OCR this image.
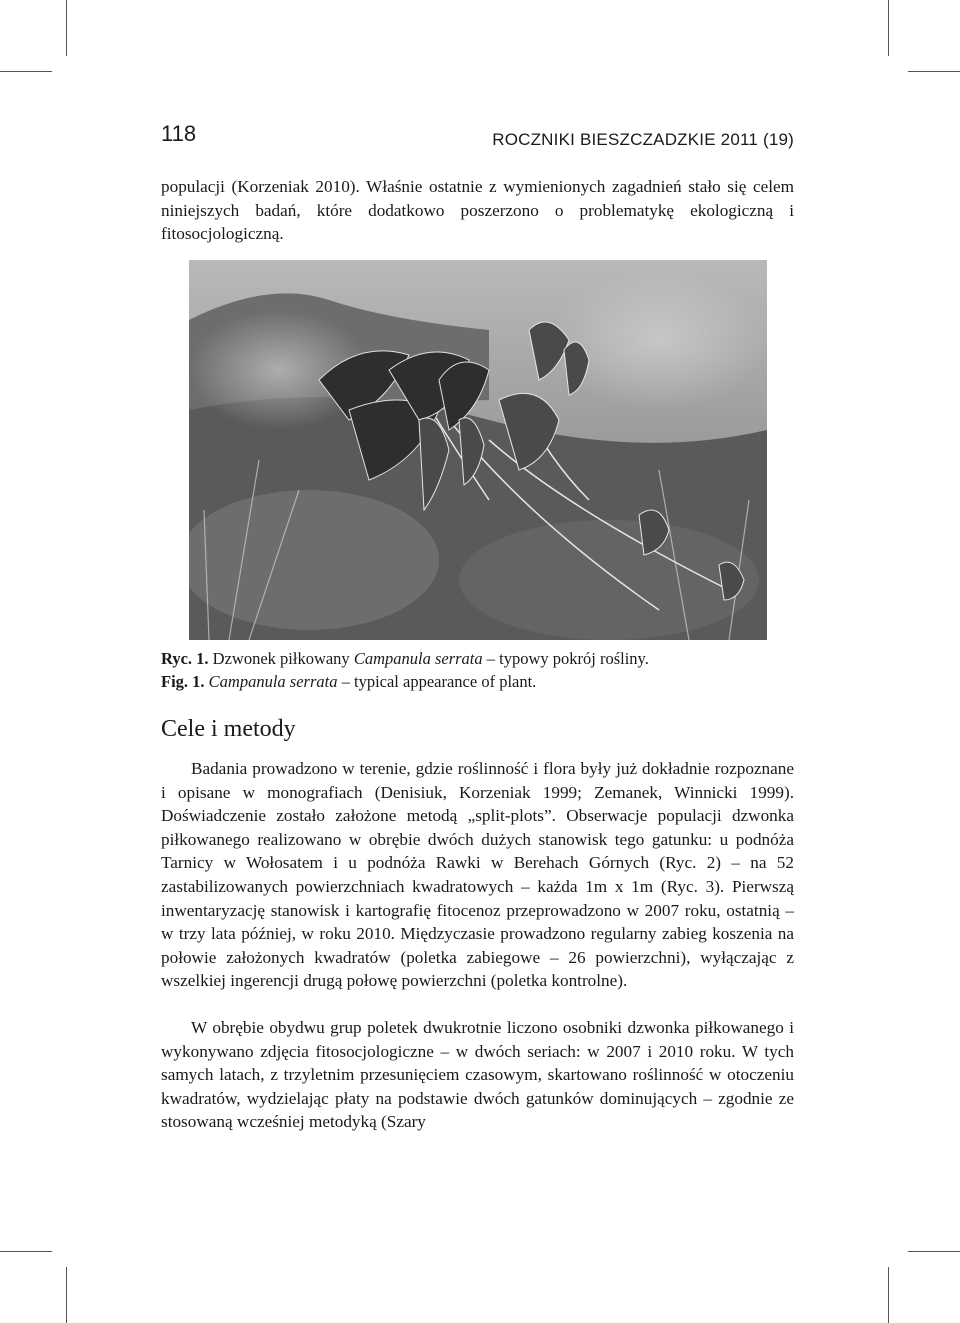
118	ROCZNIKI BIESZCZADZKIE 2011 (19)

populacji (Korzeniak 2010). Właśnie ostatnie z wymienionych zagadnień stało się celem niniejszych badań, które dodatkowo poszerzono o problematykę ekologiczną i fitosocjologiczną.

Ryc. 1. Dzwonek piłkowany Campanula serrata – typowy pokrój rośliny.
Fig. 1. Campanula serrata – typical appearance of plant.
Cele i metody

Badania prowadzono w terenie, gdzie roślinność i flora były już dokładnie rozpoznane i opisane w monografiach (Denisiuk, Korzeniak 1999; Zemanek, Winnicki 1999). Doświadczenie zostało założone metodą „split-plots”. Obserwacje populacji dzwonka piłkowanego realizowano w obrębie dwóch dużych stanowisk tego gatunku: u podnóża Tarnicy w Wołosatem i u podnóża Rawki w Berehach Górnych (Ryc. 2) – na 52 zastabilizowanych powierzchniach kwadratowych – każda 1m x 1m (Ryc. 3). Pierwszą inwentaryzację stanowisk i kartografię fitocenoz przeprowadzono w 2007 roku, ostatnią – w trzy lata później, w roku 2010. Międzyczasie prowadzono regularny zabieg koszenia na połowie założonych kwadratów (poletka zabiegowe – 26 powierzchni), wyłączając z wszelkiej ingerencji drugą połowę powierzchni (poletka kontrolne).

W obrębie obydwu grup poletek dwukrotnie liczono osobniki dzwonka piłkowanego i wykonywano zdjęcia fitosocjologiczne – w dwóch seriach: w 2007 i 2010 roku. W tych samych latach, z trzyletnim przesunięciem czasowym, skartowano roślinność w otoczeniu kwadratów, wydzielając płaty na podstawie dwóch gatunków dominujących – zgodnie ze stosowaną wcześniej metodyką (Szary
